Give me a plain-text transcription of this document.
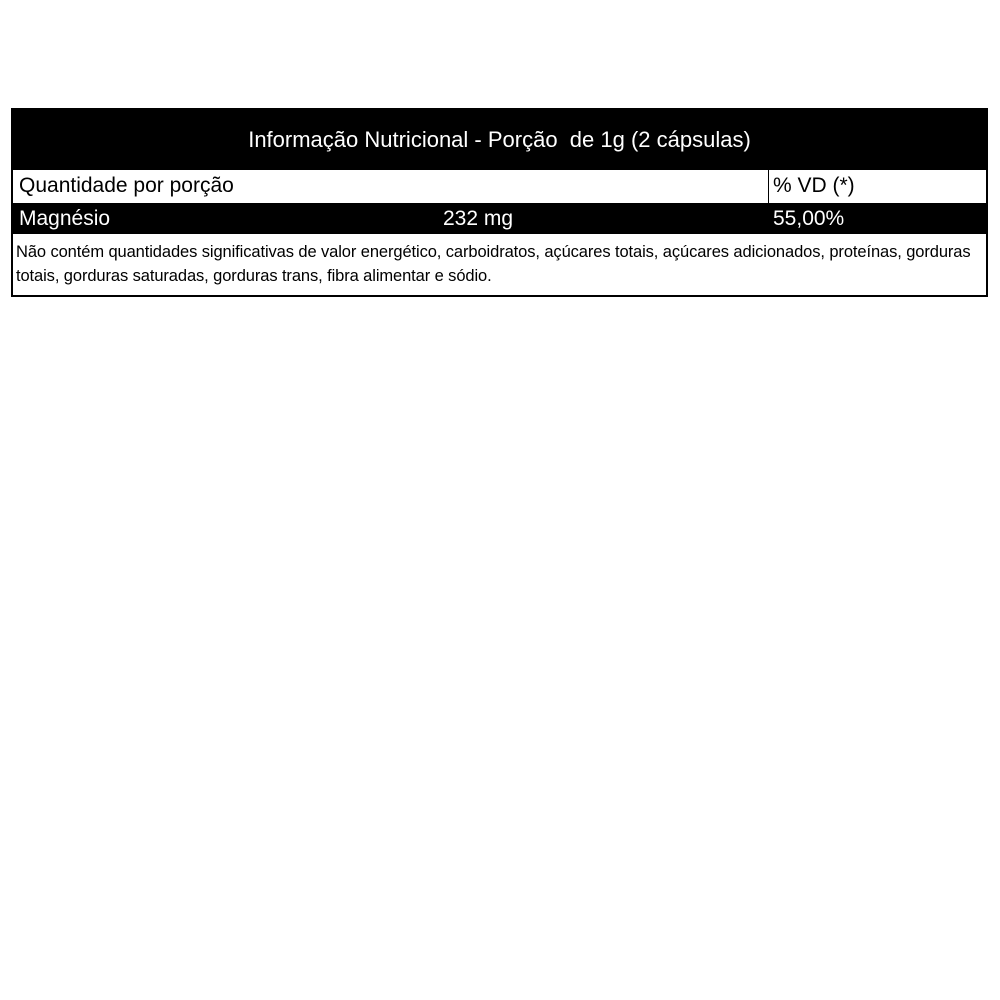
Informação Nutricional - Porção  de 1g (2 cápsulas)
Quantidade por porção	% VD (*)
Magnésio	232 mg	55,00%
Não contém quantidades significativas de valor energético, carboidratos, açúcares totais, açúcares adicionados, proteínas, gorduras totais, gorduras saturadas, gorduras trans, fibra alimentar e sódio.
